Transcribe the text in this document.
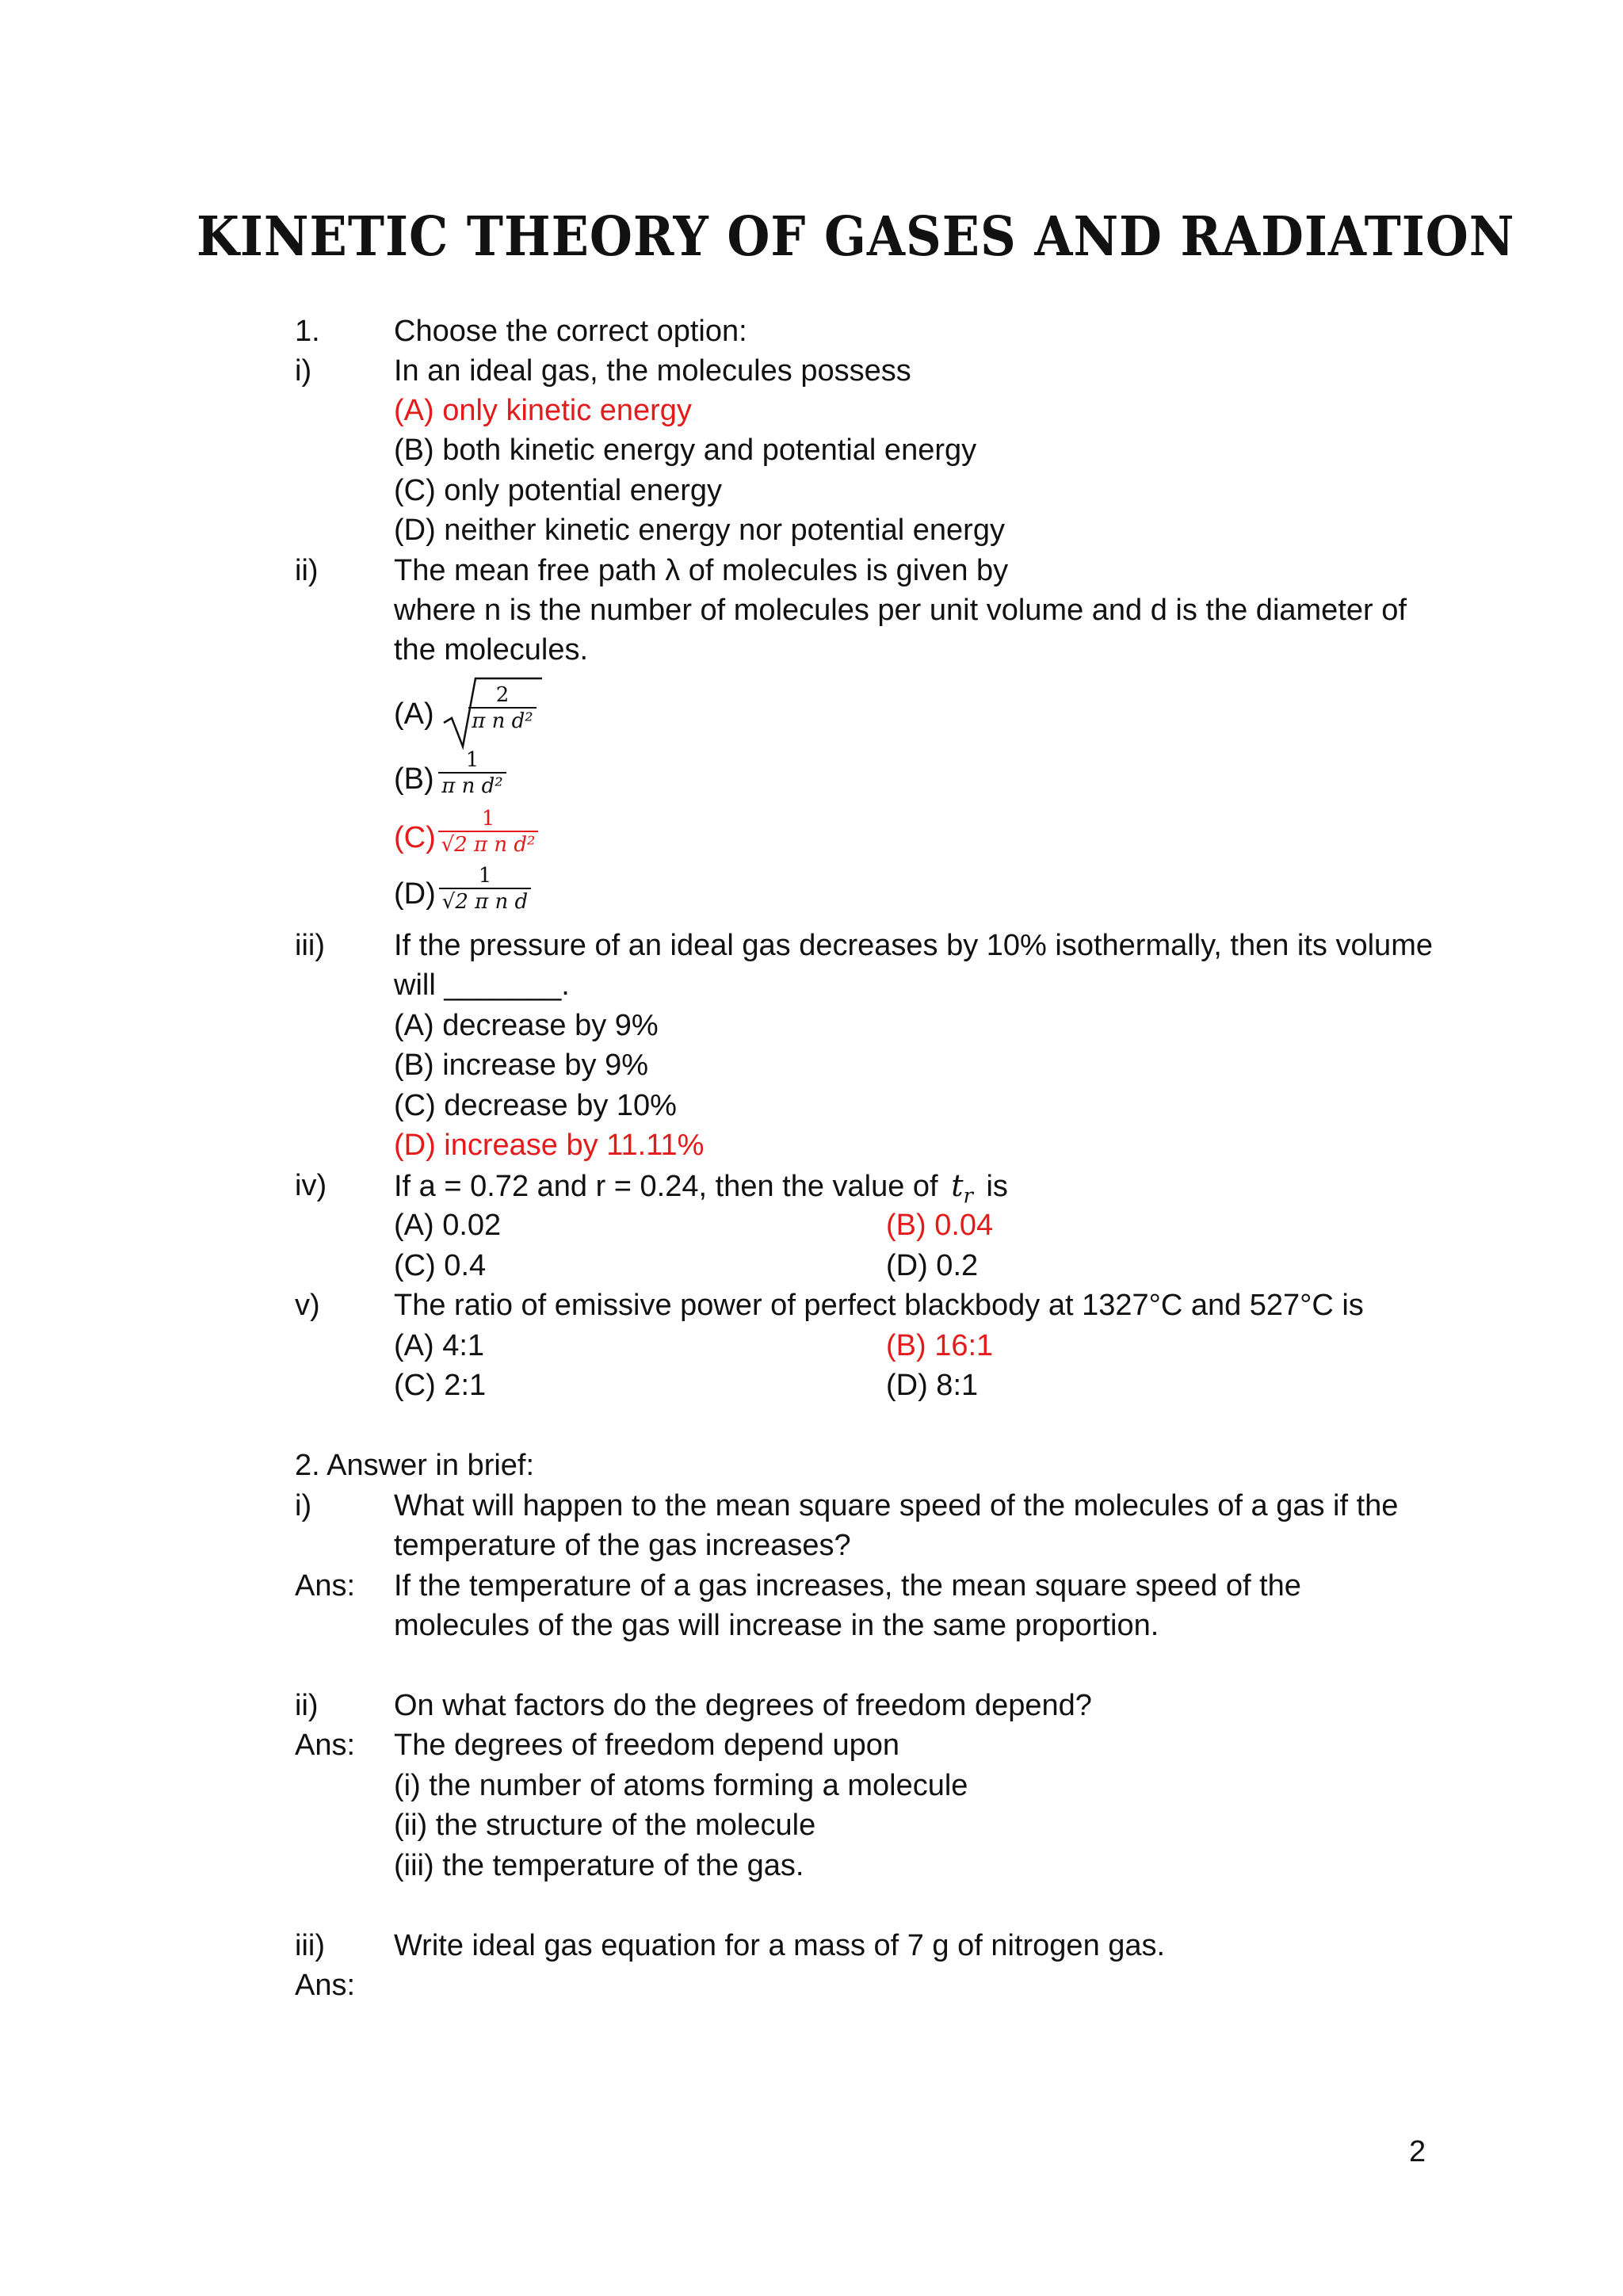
KINETIC THEORY OF GASES AND RADIATION
1. Choose the correct option:
i)	In an ideal gas, the molecules possess
(A) only kinetic energy
(B) both kinetic energy and potential energy
(C) only potential energy
(D) neither kinetic energy nor potential energy
ii)	The mean free path λ of molecules is given by
where n is the number of molecules per unit volume and d is the diameter of
the molecules.
$(A) \frac{2}{\text{π n d²}}$
(B)
$\frac{1}{\text{π n d²}}$
(C)
$\frac{1}{\text{√2 π n d²}}$
(D)
$\frac{1}{\text{√2 π n d}}$
iii) If the pressure of an ideal gas decreases by 10% isothermally, then its volume
will _______.
(A) decrease by 9%
(B) increase by 9%
(C) decrease by 10%
(D) increase by 11.11%
iv) If a = 0.72 and r = 0.24, then the value of $t_r$ is
(A) 0.02	(B) 0.04
(C) 0.4	(D) 0.2
v) The ratio of emissive power of perfect blackbody at 1327°C and 527°C is
(A) 4:1	(B) 16:1
(C) 2:1	(D) 8:1
2. Answer in brief:
i)	What will happen to the mean square speed of the molecules of a gas if the
temperature of the gas increases?
Ans: If the temperature of a gas increases, the mean square speed of the
molecules of the gas will increase in the same proportion.
ii)	On what factors do the degrees of freedom depend?
Ans: The degrees of freedom depend upon
(i) the number of atoms forming a molecule
(ii) the structure of the molecule
(iii) the temperature of the gas.
iii) Write ideal gas equation for a mass of 7 g of nitrogen gas.
Ans:
2
